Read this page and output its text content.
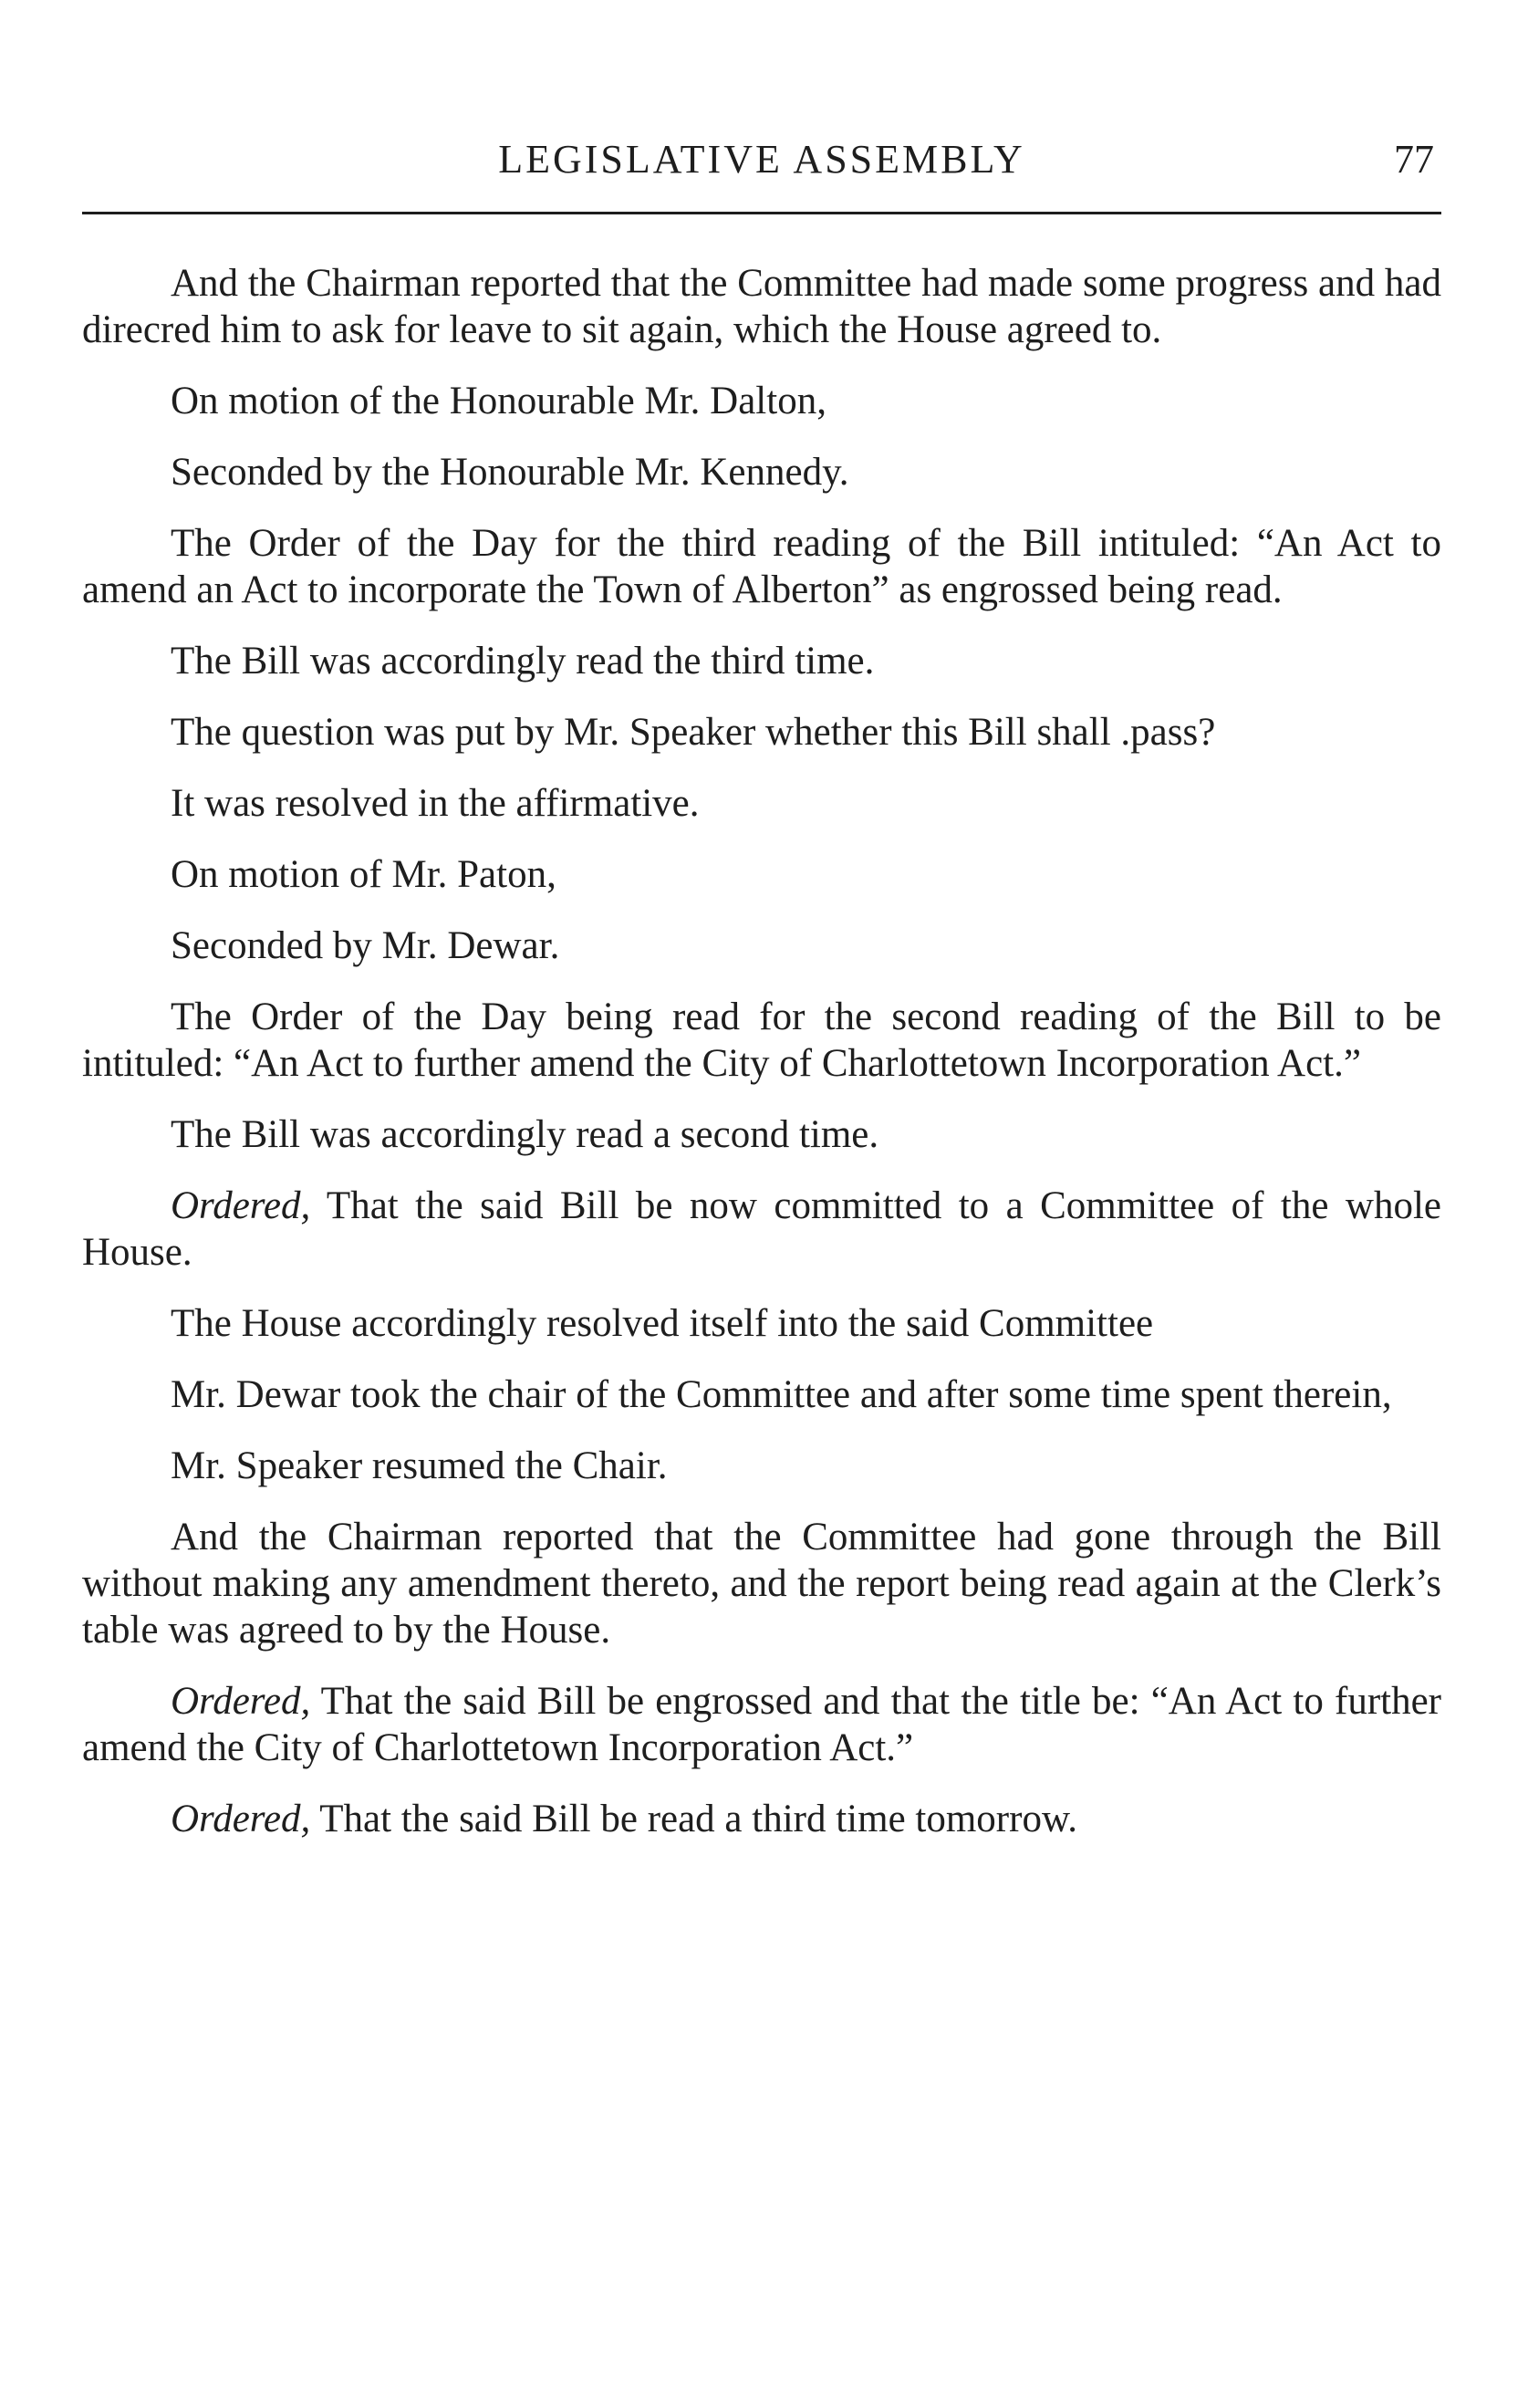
LEGISLATIVE ASSEMBLY	77

And the Chairman reported that the Committee had made some progress and had direcred him to ask for leave to sit again, which the House agreed to.

On motion of the Honourable Mr. Dalton,

Seconded by the Honourable Mr. Kennedy.

The Order of the Day for the third reading of the Bill intituled: “An Act to amend an Act to incorporate the Town of Alberton” as engrossed being read.

The Bill was accordingly read the third time.

The question was put by Mr. Speaker whether this Bill shall .pass?

It was resolved in the affirmative.

On motion of Mr. Paton,

Seconded by Mr. Dewar.

The Order of the Day being read for the second reading of the Bill to be intituled: “An Act to further amend the City of Charlottetown Incorporation Act.”

The Bill was accordingly read a second time.

Ordered, That the said Bill be now committed to a Committee of the whole House.

The House accordingly resolved itself into the said Committee

Mr. Dewar took the chair of the Committee and after some time spent therein,

Mr. Speaker resumed the Chair.

And the Chairman reported that the Committee had gone through the Bill without making any amendment thereto, and the report being read again at the Clerk’s table was agreed to by the House.

Ordered, That the said Bill be engrossed and that the title be: “An Act to further amend the City of Charlottetown Incorporation Act.”

Ordered, That the said Bill be read a third time tomorrow.
